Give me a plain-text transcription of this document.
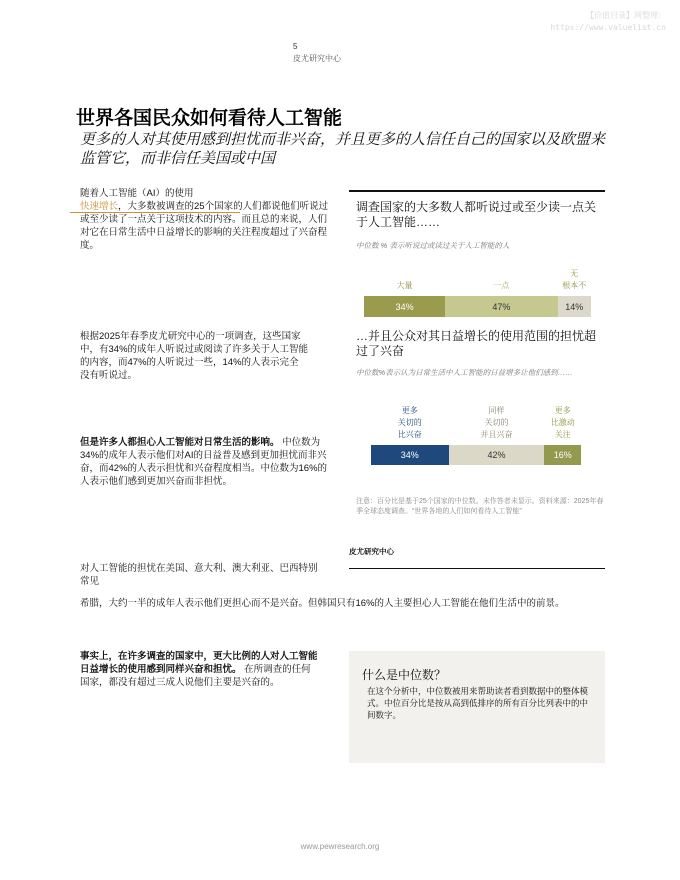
【价值目录】网整理：
https://www.valuelist.cn
5
皮尤研究中心
世界各国民众如何看待人工智能
更多的人对其使用感到担忧而非兴奋，并且更多的人信任自己的国家以及欧盟来监管它，而非信任美国或中国
随着人工智能（AI）的使用
快速增长，大多数被调查的25个国家的人们都说他们听说过或至少读了一点关于这项技术的内容。而且总的来说，人们对它在日常生活中日益增长的影响的关注程度超过了兴奋程度。
根据2025年春季皮尤研究中心的一项调查，这些国家中，有34%的成年人听说过或阅读了许多关于人工智能的内容，而47%的人听说过一些，14%的人表示完全没有听说过。
但是许多人都担心人工智能对日常生活的影响。 中位数为34%的成年人表示他们对AI的日益普及感到更加担忧而非兴奋，而42%的人表示担忧和兴奋程度相当。中位数为16%的人表示他们感到更加兴奋而非担忧。
调查国家的大多数人都听说过或至少读一点关于人工智能……
中位数 % 表示听说过或读过关于人工智能的人
大量	一点
无
根本不
34%	47%	14%
…并且公众对其日益增长的使用范围的担忧超过了兴奋
中位数%表示认为日常生活中人工智能的日益增多让他们感到……
更多
关切的
比兴奋
同样
关切的
并且兴奋
更多
比激动
关注
34%	42%	16%
注意：百分比是基于25个国家的中位数。未作答者未显示。资料来源：2025年春季全球态度调查。“世界各地的人们如何看待人工智能”
皮尤研究中心
对人工智能的担忧在美国、意大利、澳大利亚、巴西特别常见
希腊，大约一半的成年人表示他们更担心而不是兴奋。但韩国只有16%的人主要担心人工智能在他们生活中的前景。
事实上，在许多调查的国家中，更大比例的人对人工智能日益增长的使用感到同样兴奋和担忧。 在所调查的任何国家，都没有超过三成人说他们主要是兴奋的。
什么是中位数？
在这个分析中，中位数被用来帮助读者看到数据中的整体模式。中位百分比是按从高到低排序的所有百分比列表中的中间数字。
www.pewresearch.org
